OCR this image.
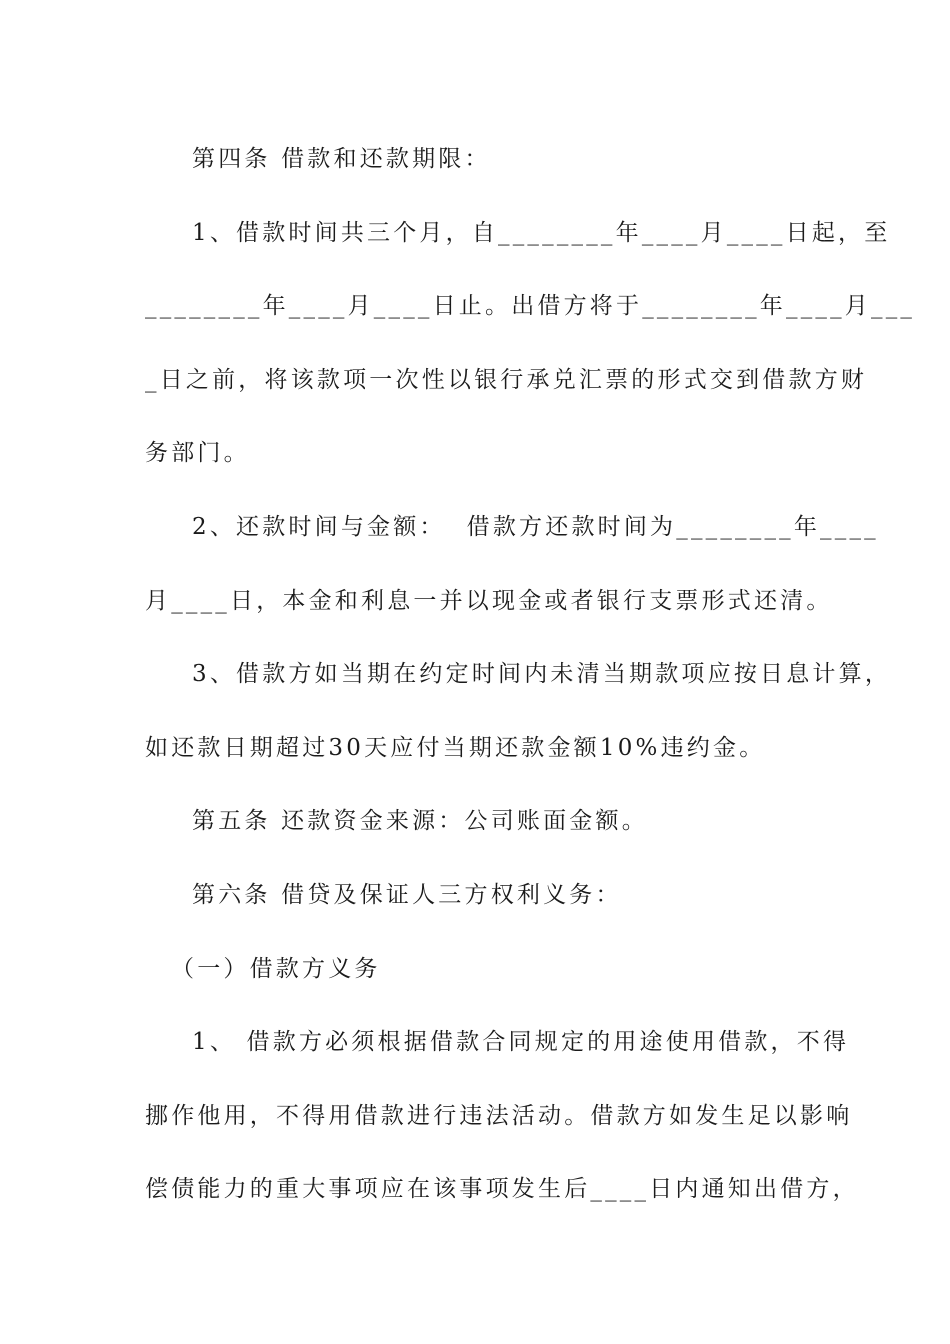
第四条 借款和还款期限：
1、借款时间共三个月，自________年____月____日起，至
________年____月____日止。出借方将于________年____月___
_日之前，将该款项一次性以银行承兑汇票的形式交到借款方财
务部门。
2、还款时间与金额：  借款方还款时间为________年____
月____日，本金和利息一并以现金或者银行支票形式还清。
3、借款方如当期在约定时间内未清当期款项应按日息计算，
如还款日期超过30天应付当期还款金额10%违约金。
第五条 还款资金来源：公司账面金额。
第六条 借贷及保证人三方权利义务：
（一）借款方义务
1、 借款方必须根据借款合同规定的用途使用借款，不得
挪作他用，不得用借款进行违法活动。借款方如发生足以影响
偿债能力的重大事项应在该事项发生后____日内通知出借方，
